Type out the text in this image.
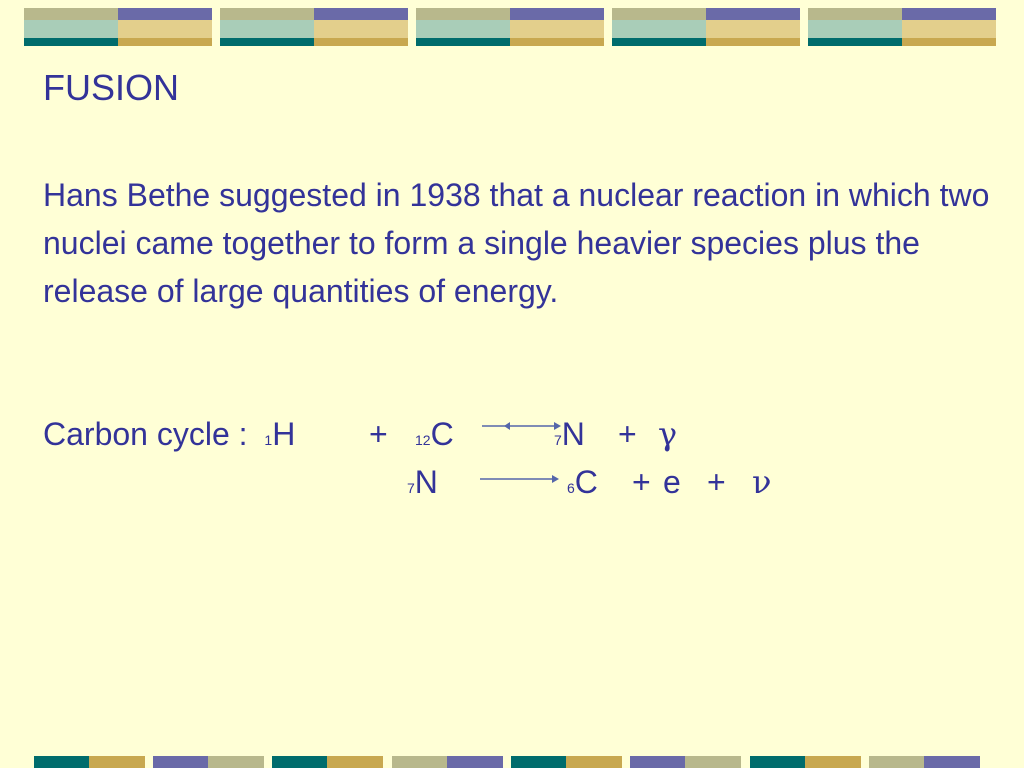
FUSION

Hans Bethe suggested in 1938 that a nuclear reaction in which two nuclei came together to form a single heavier species plus the release of large quantities of energy.

Carbon cycle : 1H + 12C	7N + γ
7N	6C + e + ν
